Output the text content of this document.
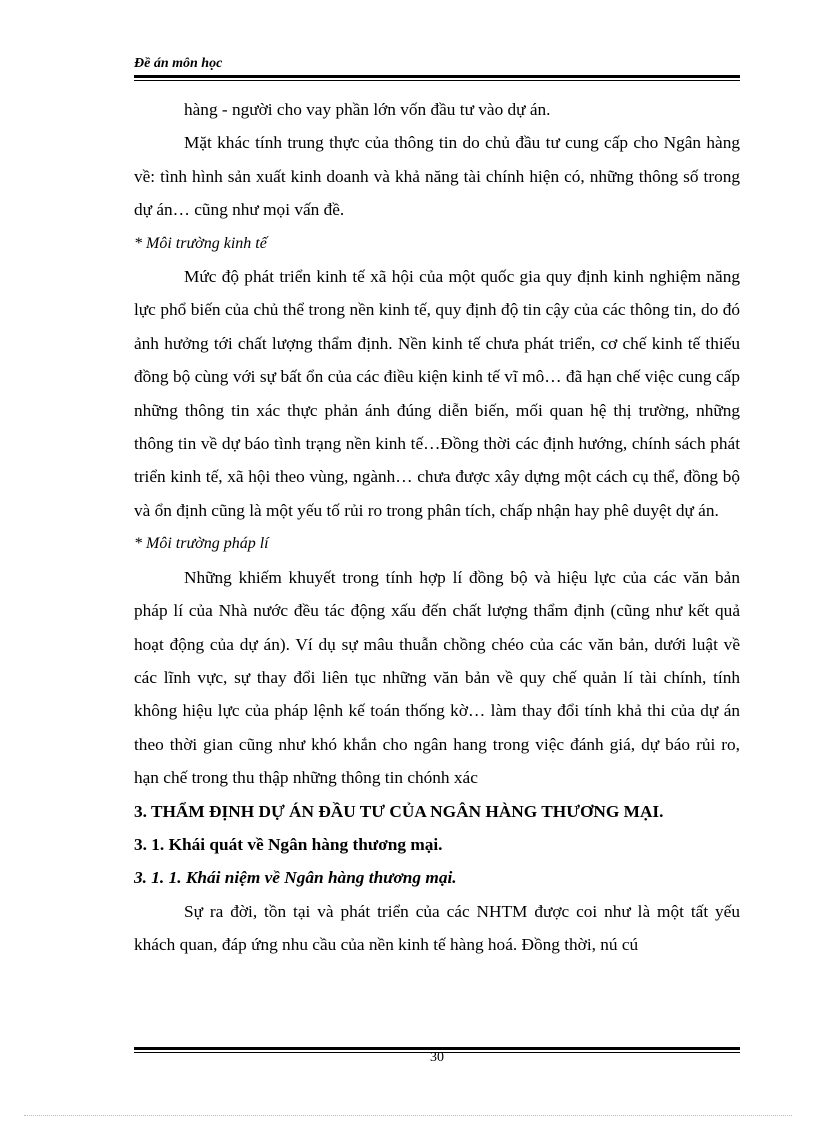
Đề án môn học

hàng - người cho vay phần lớn vốn đầu tư vào dự án.

Mặt khác tính trung thực của thông tin do chủ đầu tư cung cấp cho Ngân hàng về: tình hình sản xuất kinh doanh và khả năng tài chính hiện có, những thông số trong dự án… cũng như mọi vấn đề.

* Môi trường kinh tế

Mức độ phát triển kinh tế xã hội của một quốc gia quy định kinh nghiệm năng lực phổ biến của chủ thể trong nền kinh tế, quy định độ tin cậy của các thông tin, do đó ảnh hưởng tới chất lượng thẩm định. Nền kinh tế chưa phát triển, cơ chế kinh tế thiếu đồng bộ cùng với sự bất ổn của các điều kiện kinh tế vĩ mô… đã hạn chế việc cung cấp những thông tin xác thực phản ánh đúng diễn biến, mối quan hệ thị trường, những thông tin về dự báo tình trạng nền kinh tế…Đồng thời các định hướng, chính sách phát triển kinh tế, xã hội theo vùng, ngành… chưa được xây dựng một cách cụ thể, đồng bộ và ổn định cũng là một yếu tố rủi ro trong phân tích, chấp nhận hay phê duyệt dự án.

* Môi trường pháp lí

Những khiếm khuyết trong tính hợp lí đồng bộ và hiệu lực của các văn bản pháp lí của Nhà nước đều tác động xấu đến chất lượng thẩm định (cũng như kết quả hoạt động của dự án). Ví dụ sự mâu thuẫn chồng chéo của các văn bản, dưới luật về các lĩnh vực, sự thay đổi liên tục những văn bản về quy chế quản lí tài chính, tính không hiệu lực của pháp lệnh kế toán thống kờ… làm thay đổi tính khả thi của dự án theo thời gian cũng như khó khắn cho ngân hang trong việc đánh giá, dự báo rủi ro, hạn chế trong thu thập những thông tin chónh xác

3. THẨM ĐỊNH DỰ ÁN ĐẦU TƯ CỦA NGÂN HÀNG THƯƠNG MẠI.

3. 1. Khái quát về Ngân hàng thương mại.

3. 1. 1. Khái niệm về Ngân hàng thương mại.

Sự ra đời, tồn tại và phát triển của các NHTM được coi như là một tất yếu khách quan, đáp ứng nhu cầu của nền kinh tế hàng hoá. Đồng thời, nú cú

30
